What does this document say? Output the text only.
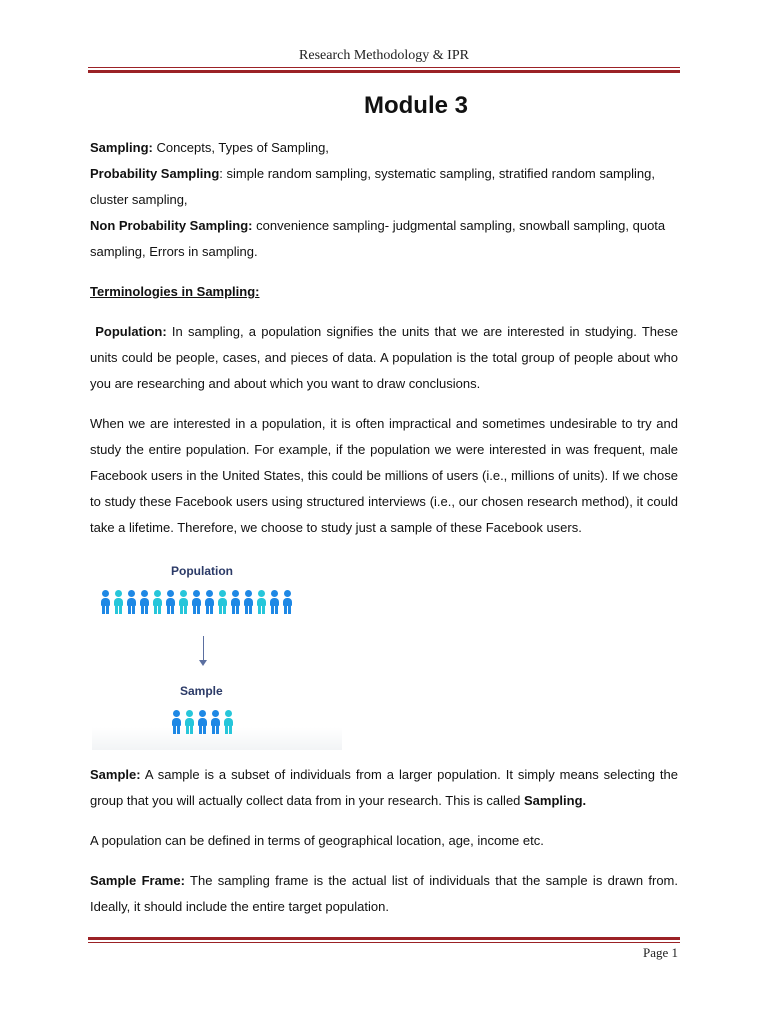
Research Methodology & IPR
Module 3

Sampling: Concepts, Types of Sampling,

Probability Sampling: simple random sampling, systematic sampling, stratified random sampling, cluster sampling,

Non Probability Sampling: convenience sampling- judgmental sampling, snowball sampling, quota sampling, Errors in sampling.

Terminologies in Sampling:

Population: In sampling, a population signifies the units that we are interested in studying. These units could be people, cases, and pieces of data. A population is the total group of people about who you are researching and about which you want to draw conclusions.

When we are interested in a population, it is often impractical and sometimes undesirable to try and study the entire population. For example, if the population we were interested in was frequent, male Facebook users in the United States, this could be millions of users (i.e., millions of units). If we chose to study these Facebook users using structured interviews (i.e., our chosen research method), it could take a lifetime. Therefore, we choose to study just a sample of these Facebook users.

Population
Sample

Sample: A sample is a subset of individuals from a larger population. It simply means selecting the group that you will actually collect data from in your research. This is called Sampling.

A population can be defined in terms of geographical location, age, income etc.

Sample Frame: The sampling frame is the actual list of individuals that the sample is drawn from. Ideally, it should include the entire target population.

Page 1
